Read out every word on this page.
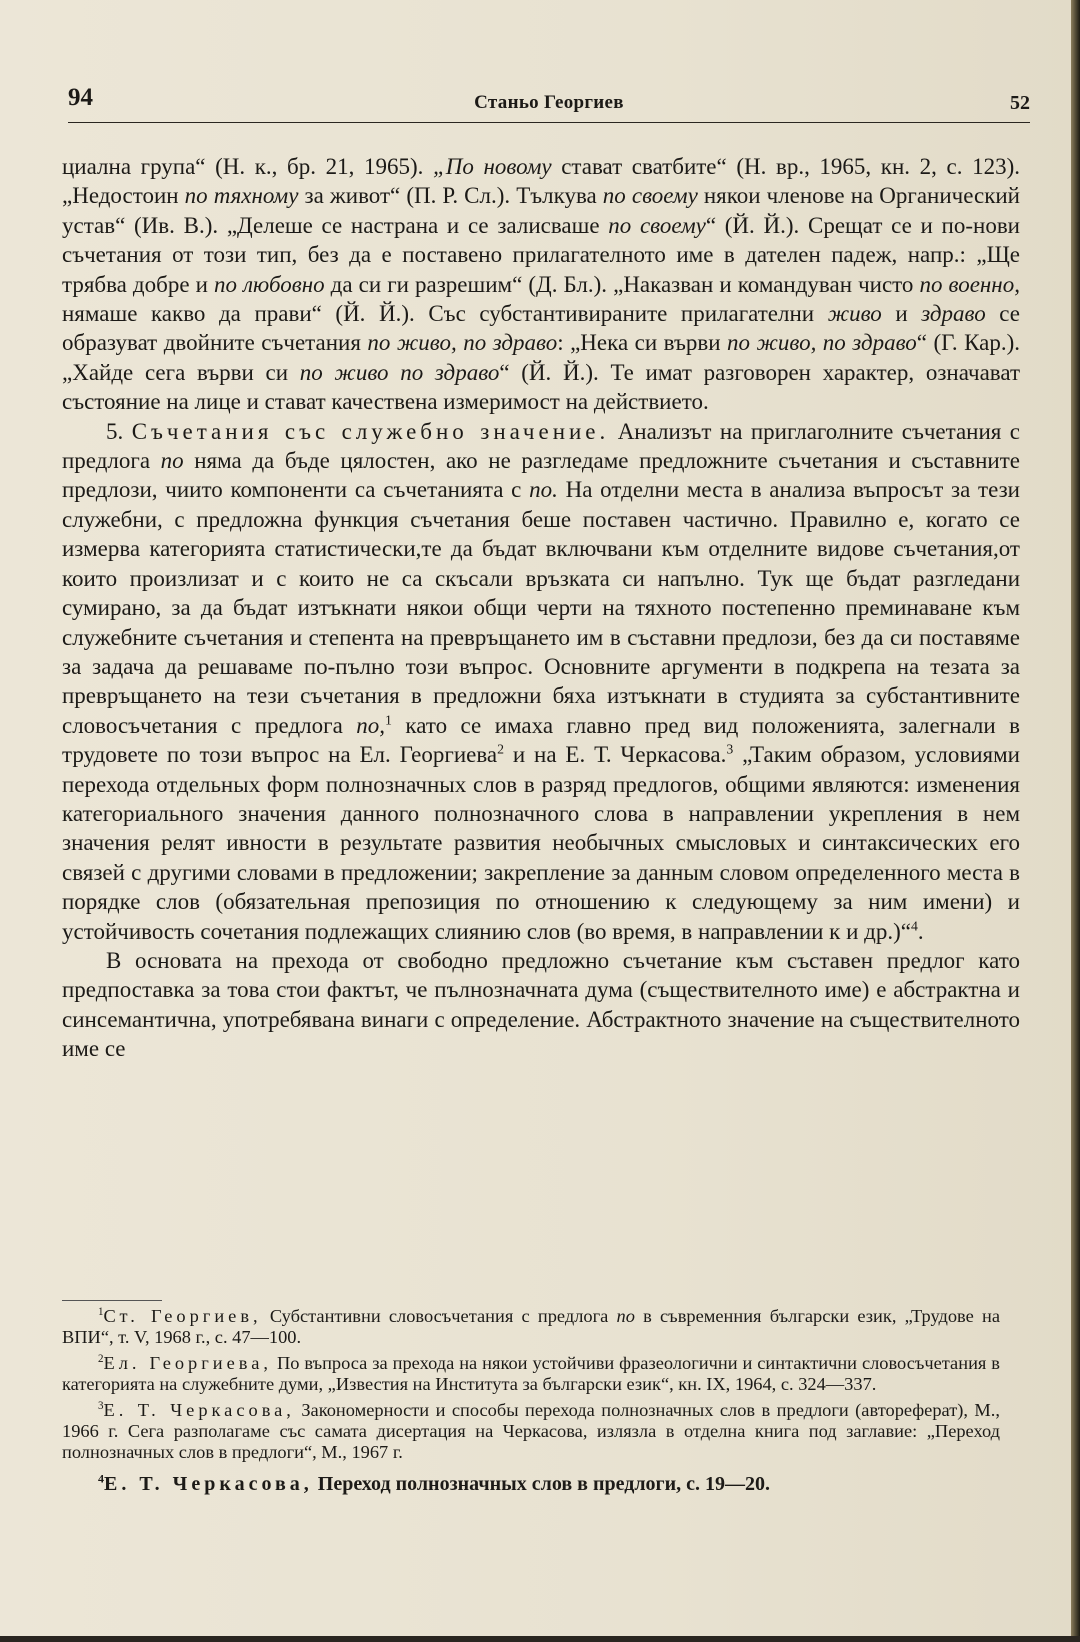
94	Станьо Георгиев	52

циална група“ (Н. к., бр. 21, 1965). „По новому стават сватбите“ (Н. вр., 1965, кн. 2, с. 123). „Недостоин по тяхному за живот“ (П. Р. Сл.). Тълкува по своему някои членове на Органический устав“ (Ив. В.). „Делеше се настрана и се залисваше по своему“ (Й. Й.). Срещат се и по-нови съчетания от този тип, без да е поставено прилагателното име в дателен падеж, напр.: „Ще трябва добре и по любовно да си ги разрешим“ (Д. Бл.). „Наказван и командуван чисто по военно, нямаше какво да прави“ (Й. Й.). Със субстантивираните прилагателни живо и здраво се образуват двойните съчетания по живо, по здраво: „Нека си върви по живо, по здраво“ (Г. Кар.). „Хайде сега върви си по живо по здраво“ (Й. Й.). Те имат разговорен характер, означават състояние на лице и стават качествена измеримост на действието.

5. Съчетания със служебно значение. Анализът на приглаголните съчетания с предлога по няма да бъде цялостен, ако не разгледаме предложните съчетания и съставните предлози, чиито компоненти са съчетанията с по. На отделни места в анализа въпросът за тези служебни, с предложна функция съчетания беше поставен частично. Правилно е, когато се измерва категорията статистически,те да бъдат включвани към отделните видове съчетания,от които произлизат и с които не са скъсали връзката си напълно. Тук ще бъдат разгледани сумирано, за да бъдат изтъкнати някои общи черти на тяхното постепенно преминаване към служебните съчетания и степента на превръщането им в съставни предлози, без да си поставяме за задача да решаваме по-пълно този въпрос. Основните аргументи в подкрепа на тезата за превръщането на тези съчетания в предложни бяха изтъкнати в студията за субстантивните словосъчетания с предлога по,$^1$ като се имаха главно пред вид положенията, залегнали в трудовете по този въпрос на Ел. Георгиева$^2$ и на Е. Т. Черкасова.$^3$ „Таким образом, условиями перехода отдельных форм полнозначных слов в разряд предлогов, общими являются: изменения категориального значения данного полнозначного слова в направлении укрепления в нем значения релят ивности в результате развития необычных смысловых и синтаксических его связей с другими словами в предложении; закрепление за данным словом определенного места в порядке слов (обязательная препозиция по отношению к следующему за ним имени) и устойчивость сочетания подлежащих слиянию слов (во время, в направлении к и др.)“$^4$.

В основата на прехода от свободно предложно съчетание към съставен предлог като предпоставка за това стои фактът, че пълнозначната дума (съществителното име) е абстрактна и синсемантична, употребявана винаги с определение. Абстрактното значение на съществителното име се

$^1$Ст. Георгиев, Субстантивни словосъчетания с предлога по в съвременния български език, „Трудове на ВПИ“, т. V, 1968 г., с. 47—100.

$^2$Ел. Георгиева, По въпроса за прехода на някои устойчиви фразеологични и синтактични словосъчетания в категорията на служебните думи, „Известия на Института за български език“, кн. IX, 1964, с. 324—337.

$^3$Е. Т. Черкасова, Закономерности и способы перехода полнозначных слов в предлоги (автореферат), М., 1966 г. Сега разполагаме със самата дисертация на Черкасова, излязла в отделна книга под заглавие: „Переход полнозначных слов в предлоги“, М., 1967 г.

$^4$Е. Т. Черкасова, Переход полнозначных слов в предлоги, с. 19—20.
